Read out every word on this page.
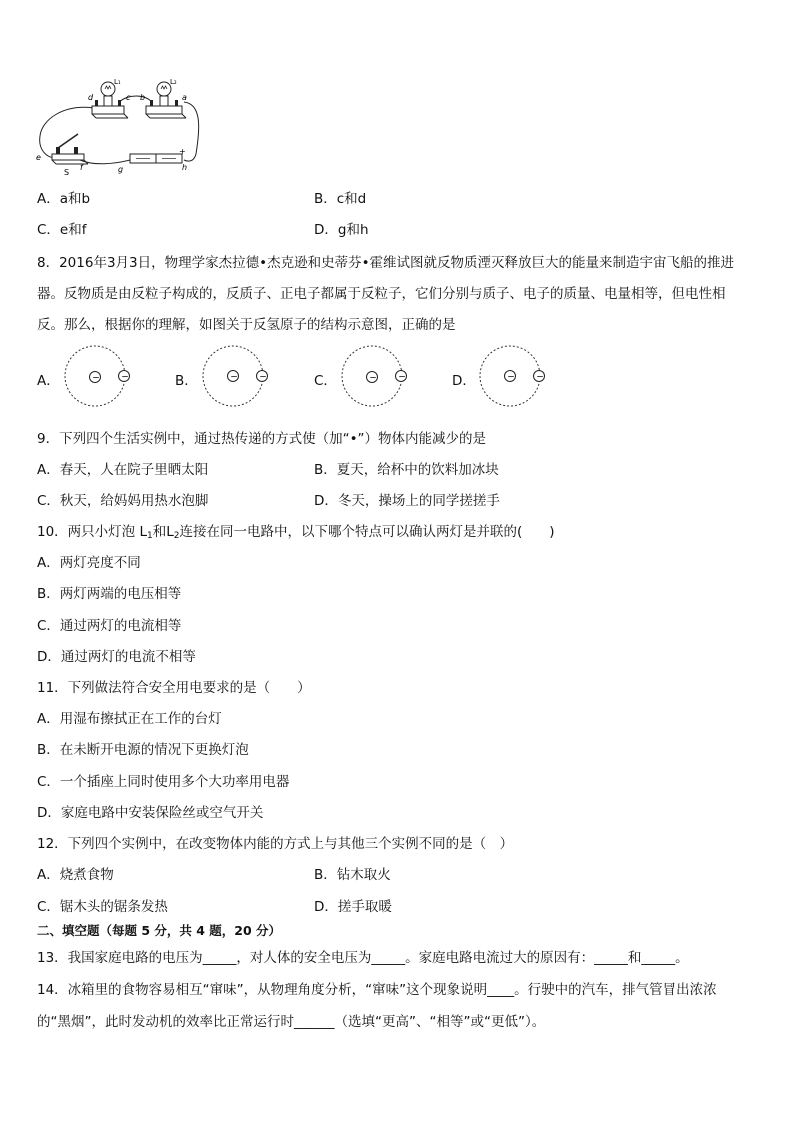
L₁	L₂
d	c b	a
e
f	g	h
S
+
A．a和b	B．c和d
C．e和f	D．g和h
8．2016年3月3日，物理学家杰拉德•杰克逊和史蒂芬•霍维试图就反物质湮灭释放巨大的能量来制造宇宙飞船的推进
器。反物质是由反粒子构成的，反质子、正电子都属于反粒子，它们分别与质子、电子的质量、电量相等，但电性相
反。那么，根据你的理解，如图关于反氢原子的结构示意图，正确的是
A．	− −	B．	− −	C．	− −	D．	− −
9．下列四个生活实例中，通过热传递的方式使（加“•”）物体内能减少的是
A．春天，人在院子里晒太阳	B．夏天，给杯中的饮料加冰块
C．秋天，给妈妈用热水泡脚	D．冬天，操场上的同学搓搓手
10．两只小灯泡 $L_1$和$L_2$连接在同一电路中，以下哪个特点可以确认两灯是并联的(　　)
A．两灯亮度不同
B．两灯两端的电压相等
C．通过两灯的电流相等
D．通过两灯的电流不相等
11．下列做法符合安全用电要求的是（　　）
A．用湿布擦拭正在工作的台灯
B．在未断开电源的情况下更换灯泡
C．一个插座上同时使用多个大功率用电器
D．家庭电路中安装保险丝或空气开关
12．下列四个实例中，在改变物体内能的方式上与其他三个实例不同的是（　）
A．烧煮食物	B．钻木取火
C．锯木头的锯条发热	D．搓手取暖
二、填空题（每题 5 分，共 4 题，20 分）
13．我国家庭电路的电压为_____，对人体的安全电压为_____。家庭电路电流过大的原因有：_____和_____。
14．冰箱里的食物容易相互“窜味”，从物理角度分析，“窜味”这个现象说明____。行驶中的汽车，排气管冒出浓浓
的“黑烟”，此时发动机的效率比正常运行时______（选填“更高”、“相等”或“更低”）。
